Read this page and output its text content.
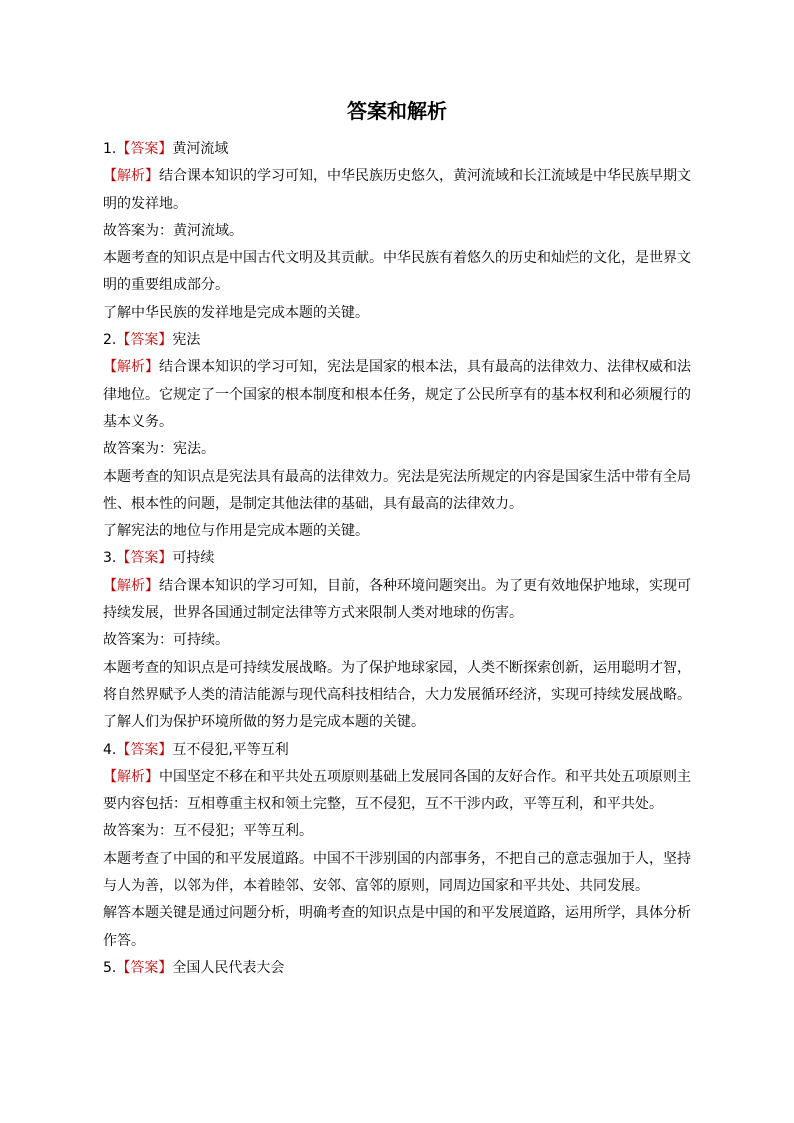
答案和解析
1.【答案】黄河流域
【解析】结合课本知识的学习可知，中华民族历史悠久，黄河流域和长江流域是中华民族早期文
明的发祥地。
故答案为：黄河流域。
本题考查的知识点是中国古代文明及其贡献。中华民族有着悠久的历史和灿烂的文化，是世界文
明的重要组成部分。
了解中华民族的发祥地是完成本题的关键。
2.【答案】宪法
【解析】结合课本知识的学习可知，宪法是国家的根本法，具有最高的法律效力、法律权威和法
律地位。它规定了一个国家的根本制度和根本任务，规定了公民所享有的基本权利和必须履行的
基本义务。
故答案为：宪法。
本题考查的知识点是宪法具有最高的法律效力。宪法是宪法所规定的内容是国家生活中带有全局
性、根本性的问题，是制定其他法律的基础，具有最高的法律效力。
了解宪法的地位与作用是完成本题的关键。
3.【答案】可持续
【解析】结合课本知识的学习可知，目前，各种环境问题突出。为了更有效地保护地球，实现可
持续发展，世界各国通过制定法律等方式来限制人类对地球的伤害。
故答案为：可持续。
本题考查的知识点是可持续发展战略。为了保护地球家园，人类不断探索创新，运用聪明才智，
将自然界赋予人类的清洁能源与现代高科技相结合，大力发展循环经济，实现可持续发展战略。
了解人们为保护环境所做的努力是完成本题的关键。
4.【答案】互不侵犯,平等互利
【解析】中国坚定不移在和平共处五项原则基础上发展同各国的友好合作。和平共处五项原则主
要内容包括：互相尊重主权和领土完整，互不侵犯，互不干涉内政，平等互利，和平共处。
故答案为：互不侵犯；平等互利。
本题考查了中国的和平发展道路。中国不干涉别国的内部事务，不把自己的意志强加于人，坚持
与人为善，以邻为伴，本着睦邻、安邻、富邻的原则，同周边国家和平共处、共同发展。
解答本题关键是通过问题分析，明确考查的知识点是中国的和平发展道路，运用所学，具体分析
作答。
5.【答案】全国人民代表大会
